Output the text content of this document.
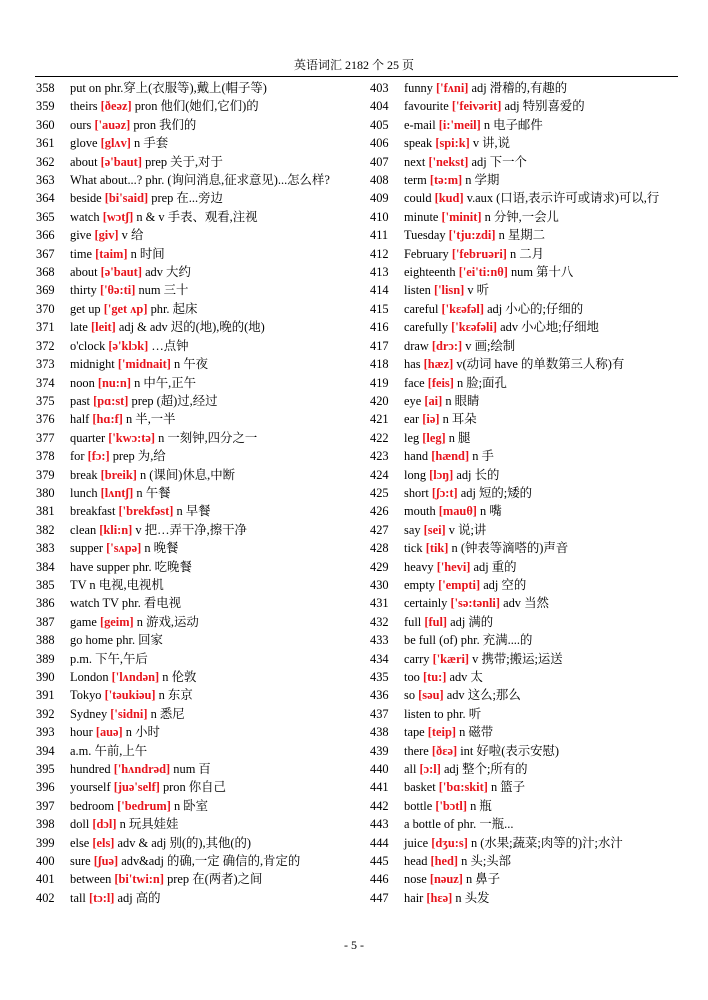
英语词汇 2182 个 25 页
358	put on phr.穿上(衣服等),戴上(帽子等)
359	theirs [ðeəz] pron 他们(她们,它们)的
360	ours ['auəz] pron 我们的
361	glove [glʌv] n 手套
362	about [ə'baut] prep 关于,对于
363	What about...? phr. (询问消息,征求意见)...怎么样?
364	beside [bi'said] prep 在...旁边
365	watch [wɔtʃ] n & v 手表、观看,注视
366	give [giv] v 给
367	time [taim] n 时间
368	about [ə'baut] adv 大约
369	thirty ['θə:ti] num 三十
370	get up ['get ʌp] phr. 起床
371	late [leit] adj & adv 迟的(地),晚的(地)
372	o'clock [ə'klɔk] …点钟
373	midnight ['midnait] n 午夜
374	noon [nu:n] n 中午,正午
375	past [pɑ:st] prep (超)过,经过
376	half [hɑ:f] n 半,一半
377	quarter ['kwɔ:tə] n 一刻钟,四分之一
378	for [fɔ:] prep 为,给
379	break [breik] n (课间)休息,中断
380	lunch [lʌntʃ] n 午餐
381	breakfast ['brekfəst] n 早餐
382	clean [kli:n] v 把…弄干净,擦干净
383	supper ['sʌpə] n 晚餐
384	have supper phr. 吃晚餐
385	TV n 电视,电视机
386	watch TV phr. 看电视
387	game [geim] n 游戏,运动
388	go home phr. 回家
389	p.m. 下午,午后
390	London ['lʌndən] n 伦敦
391	Tokyo ['təukiəu] n 东京
392	Sydney ['sidni] n 悉尼
393	hour [auə] n 小时
394	a.m. 午前,上午
395	hundred ['hʌndrəd] num 百
396	yourself [juə'self] pron 你自己
397	bedroom ['bedrum] n 卧室
398	doll [dɔl] n 玩具娃娃
399	else [els] adv & adj 别(的),其他(的)
400	sure [ʃuə] adv&adj 的确,一定 确信的,肯定的
401	between [bi'twi:n] prep 在(两者)之间
402	tall [tɔ:l] adj 高的
403	funny ['fʌni] adj 滑稽的,有趣的
404	favourite ['feivərit] adj 特别喜爱的
405	e-mail [i:'meil] n 电子邮件
406	speak [spi:k] v 讲,说
407	next ['nekst] adj 下一个
408	term [tə:m] n 学期
409	could [kud] v.aux (口语,表示许可或请求)可以,行
410	minute ['minit] n 分钟,一会儿
411	Tuesday ['tju:zdi] n 星期二
412	February ['februəri] n 二月
413	eighteenth ['ei'ti:nθ] num 第十八
414	listen ['lisn] v 听
415	careful ['kɛəfəl] adj 小心的;仔细的
416	carefully ['kɛəfəli] adv 小心地;仔细地
417	draw [drɔ:] v 画;绘制
418	has [hæz] v(动词 have 的单数第三人称)有
419	face [feis] n 脸;面孔
420	eye [ai] n 眼睛
421	ear [iə] n 耳朵
422	leg [leg] n 腿
423	hand [hænd] n 手
424	long [lɔŋ] adj 长的
425	short [ʃɔ:t] adj 短的;矮的
426	mouth [mauθ] n 嘴
427	say [sei] v 说;讲
428	tick [tik] n (钟表等滴嗒的)声音
429	heavy ['hevi] adj 重的
430	empty ['empti] adj 空的
431	certainly ['sə:tənli] adv 当然
432	full [ful] adj 满的
433	be full (of) phr. 充满....的
434	carry ['kæri] v 携带;搬运;运送
435	too [tu:] adv 太
436	so [səu] adv 这么;那么
437	listen to phr. 听
438	tape [teip] n 磁带
439	there [ðɛə] int 好啦(表示安慰)
440	all [ɔ:l] adj 整个;所有的
441	basket ['bɑ:skit] n 篮子
442	bottle ['bɔtl] n 瓶
443	a bottle of phr. 一瓶...
444	juice [dʒu:s] n (水果;蔬菜;肉等的)汁;水汁
445	head [hed] n 头;头部
446	nose [nəuz] n 鼻子
447	hair [hɛə] n 头发
- 5 -
